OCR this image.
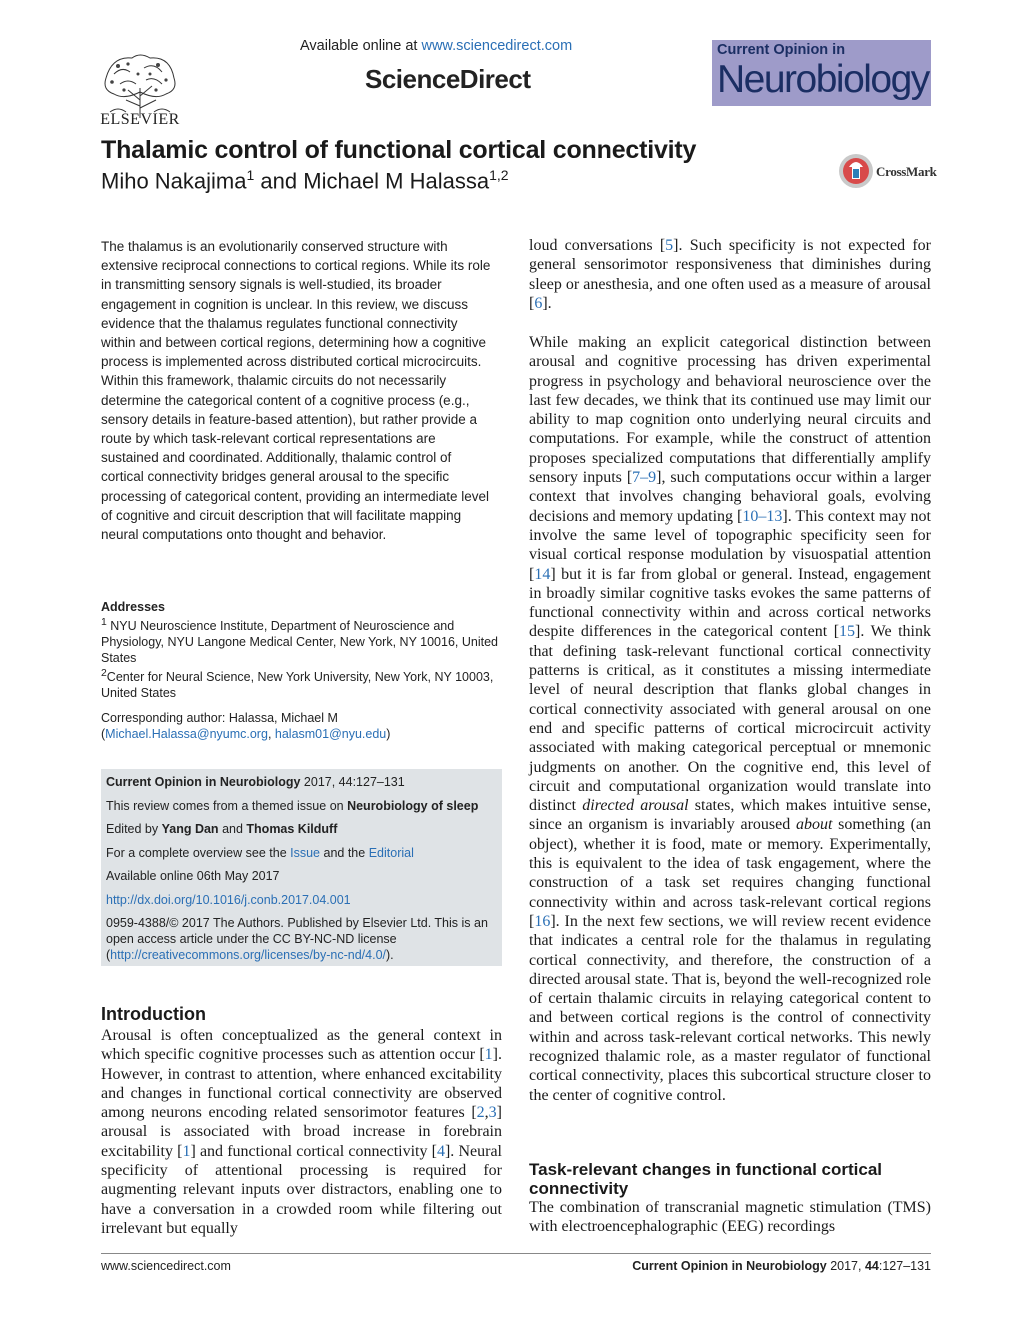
ELSEVIER
Available online at www.sciencedirect.com
ScienceDirect
Current Opinion in
Neurobiology
Thalamic control of functional cortical connectivity
Miho Nakajima$^1$ and Michael M Halassa$^{1,2}$	CrossMark
The thalamus is an evolutionarily conserved structure with extensive reciprocal connections to cortical regions. While its role in transmitting sensory signals is well-studied, its broader engagement in cognition is unclear. In this review, we discuss evidence that the thalamus regulates functional connectivity within and between cortical regions, determining how a cognitive process is implemented across distributed cortical microcircuits. Within this framework, thalamic circuits do not necessarily determine the categorical content of a cognitive process (e.g., sensory details in feature-based attention), but rather provide a route by which task-relevant cortical representations are sustained and coordinated. Additionally, thalamic control of cortical connectivity bridges general arousal to the specific processing of categorical content, providing an intermediate level of cognitive and circuit description that will facilitate mapping neural computations onto thought and behavior.
Addresses
$^1$ NYU Neuroscience Institute, Department of Neuroscience and Physiology, NYU Langone Medical Center, New York, NY 10016, United States
$^2$Center for Neural Science, New York University, New York, NY 10003, United States
Corresponding author: Halassa, Michael M (Michael.Halassa@nyumc.org, halasm01@nyu.edu)
Current Opinion in Neurobiology 2017, 44:127–131
This review comes from a themed issue on Neurobiology of sleep
Edited by Yang Dan and Thomas Kilduff
For a complete overview see the Issue and the Editorial
Available online 06th May 2017
http://dx.doi.org/10.1016/j.conb.2017.04.001
0959-4388/© 2017 The Authors. Published by Elsevier Ltd. This is an open access article under the CC BY-NC-ND license (http://creativecommons.org/licenses/by-nc-nd/4.0/).
Introduction
Arousal is often conceptualized as the general context in which specific cognitive processes such as attention occur [1]. However, in contrast to attention, where enhanced excitability and changes in functional cortical connectivity are observed among neurons encoding related sensorimotor features [2,3] arousal is associated with broad increase in forebrain excitability [1] and functional cortical connectivity [4]. Neural specificity of attentional processing is required for augmenting relevant inputs over distractors, enabling one to have a conversation in a crowded room while filtering out irrelevant but equally
loud conversations [5]. Such specificity is not expected for general sensorimotor responsiveness that diminishes during sleep or anesthesia, and one often used as a measure of arousal [6].
While making an explicit categorical distinction between arousal and cognitive processing has driven experimental progress in psychology and behavioral neuroscience over the last few decades, we think that its continued use may limit our ability to map cognition onto underlying neural circuits and computations. For example, while the construct of attention proposes specialized computations that differentially amplify sensory inputs [7–9], such computations occur within a larger context that involves changing behavioral goals, evolving decisions and memory updating [10–13]. This context may not involve the same level of topographic specificity seen for visual cortical response modulation by visuospatial attention [14] but it is far from global or general. Instead, engagement in broadly similar cognitive tasks evokes the same patterns of functional connectivity within and across cortical networks despite differences in the categorical content [15]. We think that defining task-relevant functional cortical connectivity patterns is critical, as it constitutes a missing intermediate level of neural description that flanks global changes in cortical connectivity associated with general arousal on one end and specific patterns of cortical microcircuit activity associated with making categorical perceptual or mnemonic judgments on another. On the cognitive end, this level of circuit and computational organization would translate into distinct directed arousal states, which makes intuitive sense, since an organism is invariably aroused about something (an object), whether it is food, mate or memory. Experimentally, this is equivalent to the idea of task engagement, where the construction of a task set requires changing functional connectivity within and across task-relevant cortical regions [16]. In the next few sections, we will review recent evidence that indicates a central role for the thalamus in regulating cortical connectivity, and therefore, the construction of a directed arousal state. That is, beyond the well-recognized role of certain thalamic circuits in relaying categorical content to and between cortical regions is the control of connectivity within and across task-relevant cortical networks. This newly recognized thalamic role, as a master regulator of functional cortical connectivity, places this subcortical structure closer to the center of cognitive control.
Task-relevant changes in functional cortical connectivity
The combination of transcranial magnetic stimulation (TMS) with electroencephalographic (EEG) recordings
www.sciencedirect.com	Current Opinion in Neurobiology 2017, 44:127–131
